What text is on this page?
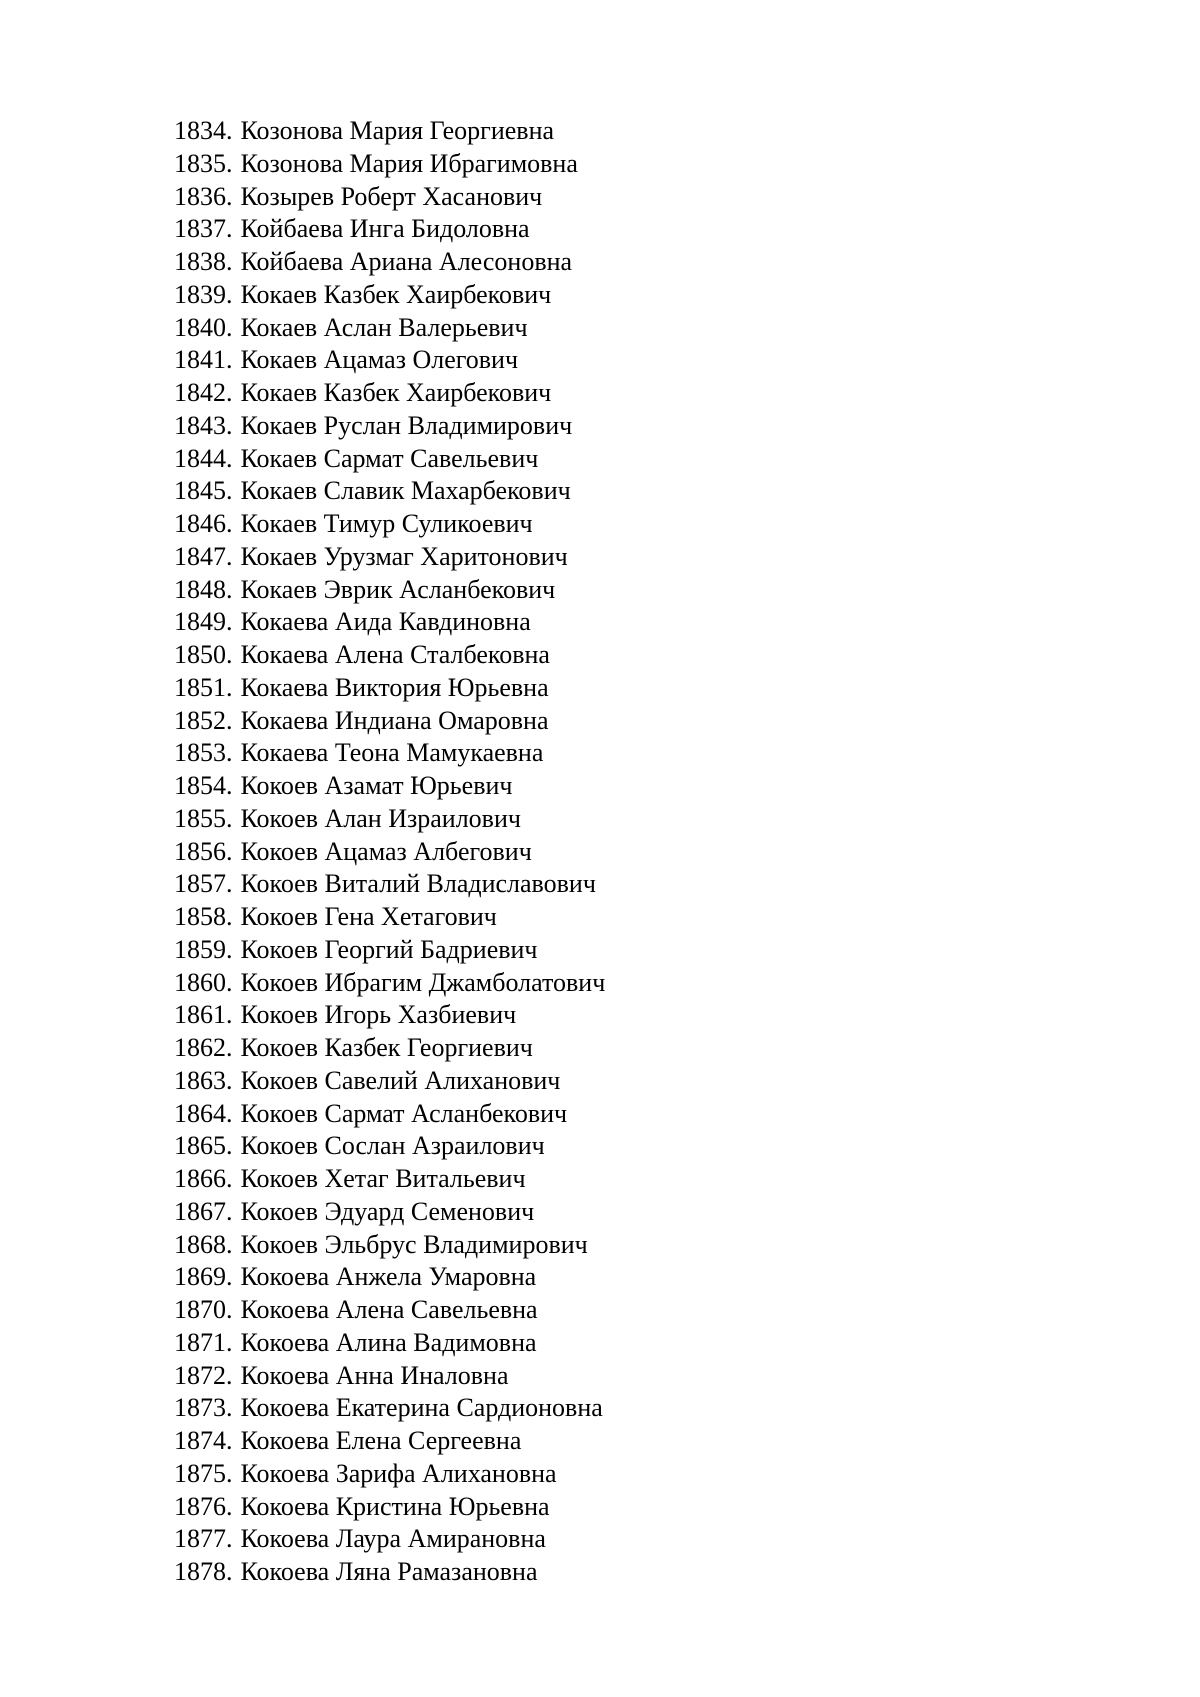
1834. Козонова Мария Георгиевна
1835. Козонова Мария Ибрагимовна
1836. Козырев Роберт Хасанович
1837. Койбаева Инга Бидоловна
1838. Койбаева Ариана Алесоновна
1839. Кокаев Казбек Хаирбекович
1840. Кокаев Аслан Валерьевич
1841. Кокаев Ацамаз Олегович
1842. Кокаев Казбек Хаирбекович
1843. Кокаев Руслан Владимирович
1844. Кокаев Сармат Савельевич
1845. Кокаев Славик Махарбекович
1846. Кокаев Тимур Суликоевич
1847. Кокаев Урузмаг Харитонович
1848. Кокаев Эврик Асланбекович
1849. Кокаева Аида Кавдиновна
1850. Кокаева Алена Сталбековна
1851. Кокаева Виктория Юрьевна
1852. Кокаева Индиана Омаровна
1853. Кокаева Теона Мамукаевна
1854. Кокоев Азамат Юрьевич
1855. Кокоев Алан Израилович
1856. Кокоев Ацамаз Албегович
1857. Кокоев Виталий Владиславович
1858. Кокоев Гена Хетагович
1859. Кокоев Георгий Бадриевич
1860. Кокоев Ибрагим Джамболатович
1861. Кокоев Игорь Хазбиевич
1862. Кокоев Казбек Георгиевич
1863. Кокоев Савелий Алиханович
1864. Кокоев Сармат Асланбекович
1865. Кокоев Сослан Азраилович
1866. Кокоев Хетаг Витальевич
1867. Кокоев Эдуард Семенович
1868. Кокоев Эльбрус Владимирович
1869. Кокоева Анжела Умаровна
1870. Кокоева Алена Савельевна
1871. Кокоева Алина Вадимовна
1872. Кокоева Анна Иналовна
1873. Кокоева Екатерина Сардионовна
1874. Кокоева Елена Сергеевна
1875. Кокоева Зарифа Алихановна
1876. Кокоева Кристина Юрьевна
1877. Кокоева Лаура Амирановна
1878. Кокоева Ляна Рамазановна
